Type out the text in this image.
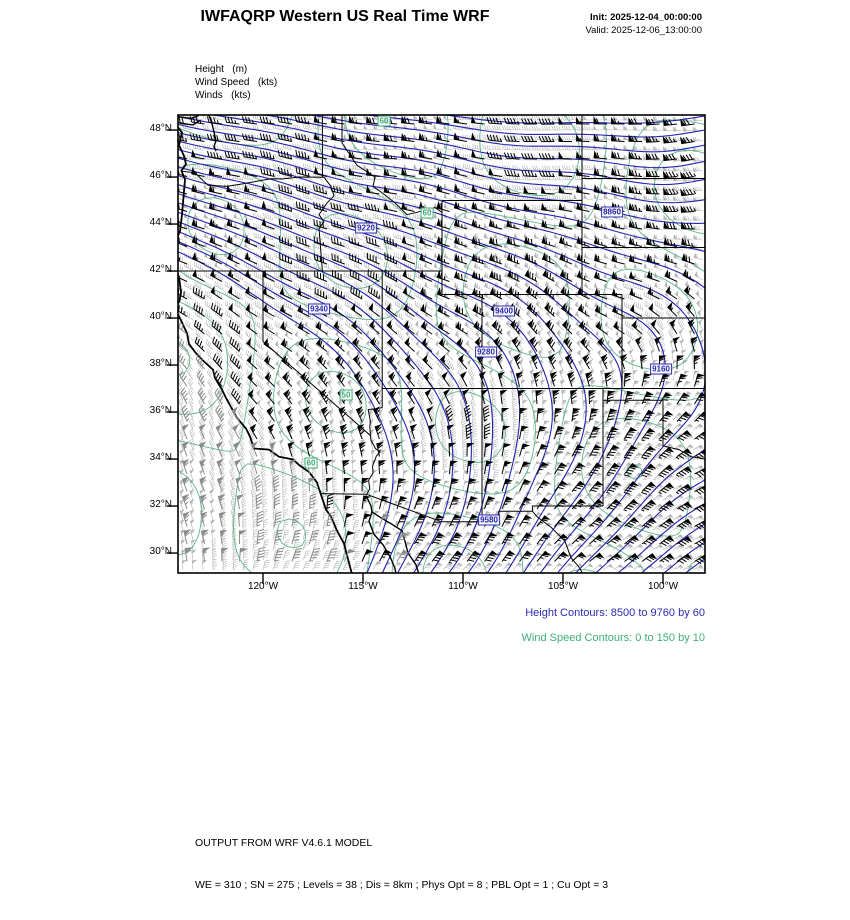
IWFAQRP Western US Real Time WRF	Init: 2025-12-04_00:00:00
Valid: 2025-12-06_13:00:00
Height   (m)
Wind Speed   (kts)
Winds   (kts)
9220
8860
9340	9400
9280
9160
9580
60
60
50
60
48°N
46°N
44°N
42°N
40°N
38°N
36°N
34°N
32°N
30°N
120°W	115°W	110°W	105°W	100°W
Height Contours: 8500 to 9760 by 60
Wind Speed Contours: 0 to 150 by 10

OUTPUT FROM WRF V4.6.1 MODEL

WE = 310 ; SN = 275 ; Levels = 38 ; Dis = 8km ; Phys Opt = 8 ; PBL Opt = 1 ; Cu Opt = 3
